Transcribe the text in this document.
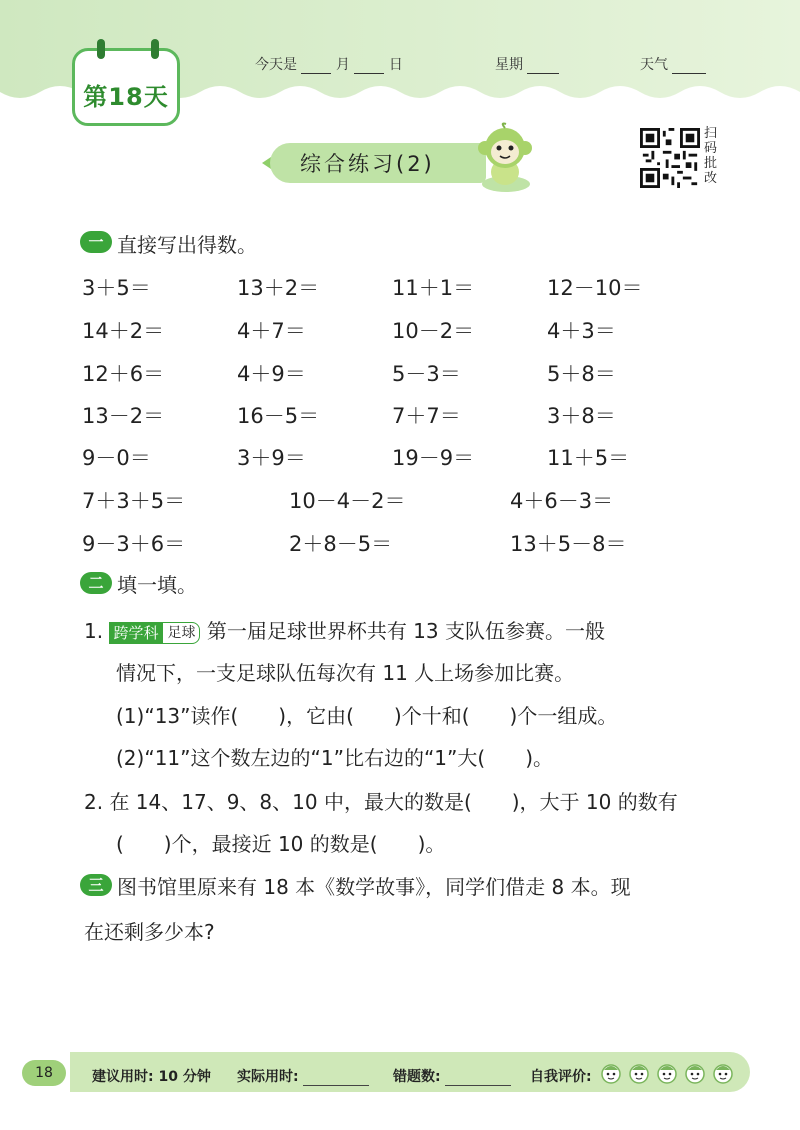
第18天
今天是	月	日	星期	天气
综合练习(2)
扫码批改
一 直接写出得数。
3＋5＝	13＋2＝	11＋1＝	12－10＝
14＋2＝	4＋7＝	10－2＝	4＋3＝
12＋6＝	4＋9＝	5－3＝	5＋8＝
13－2＝	16－5＝	7＋7＝	3＋8＝
9－0＝	3＋9＝	19－9＝	11＋5＝
7＋3＋5＝	10－4－2＝	4＋6－3＝
9－3＋6＝	2＋8－5＝	13＋5－8＝
二 填一填。
1. 跨学科 足球 第一届足球世界杯共有 13 支队伍参赛。一般
情况下，一支足球队伍每次有 11 人上场参加比赛。
(1)“13”读作(　　)，它由(　　)个十和(　　)个一组成。
(2)“11”这个数左边的“1”比右边的“1”大(　　)。
2. 在 14、17、9、8、10 中，最大的数是(　　)，大于 10 的数有
(　　)个，最接近 10 的数是(　　)。
三 图书馆里原来有 18 本《数学故事》，同学们借走 8 本。现
在还剩多少本?
18	建议用时: 10 分钟 实际用时:	错题数:	自我评价:
